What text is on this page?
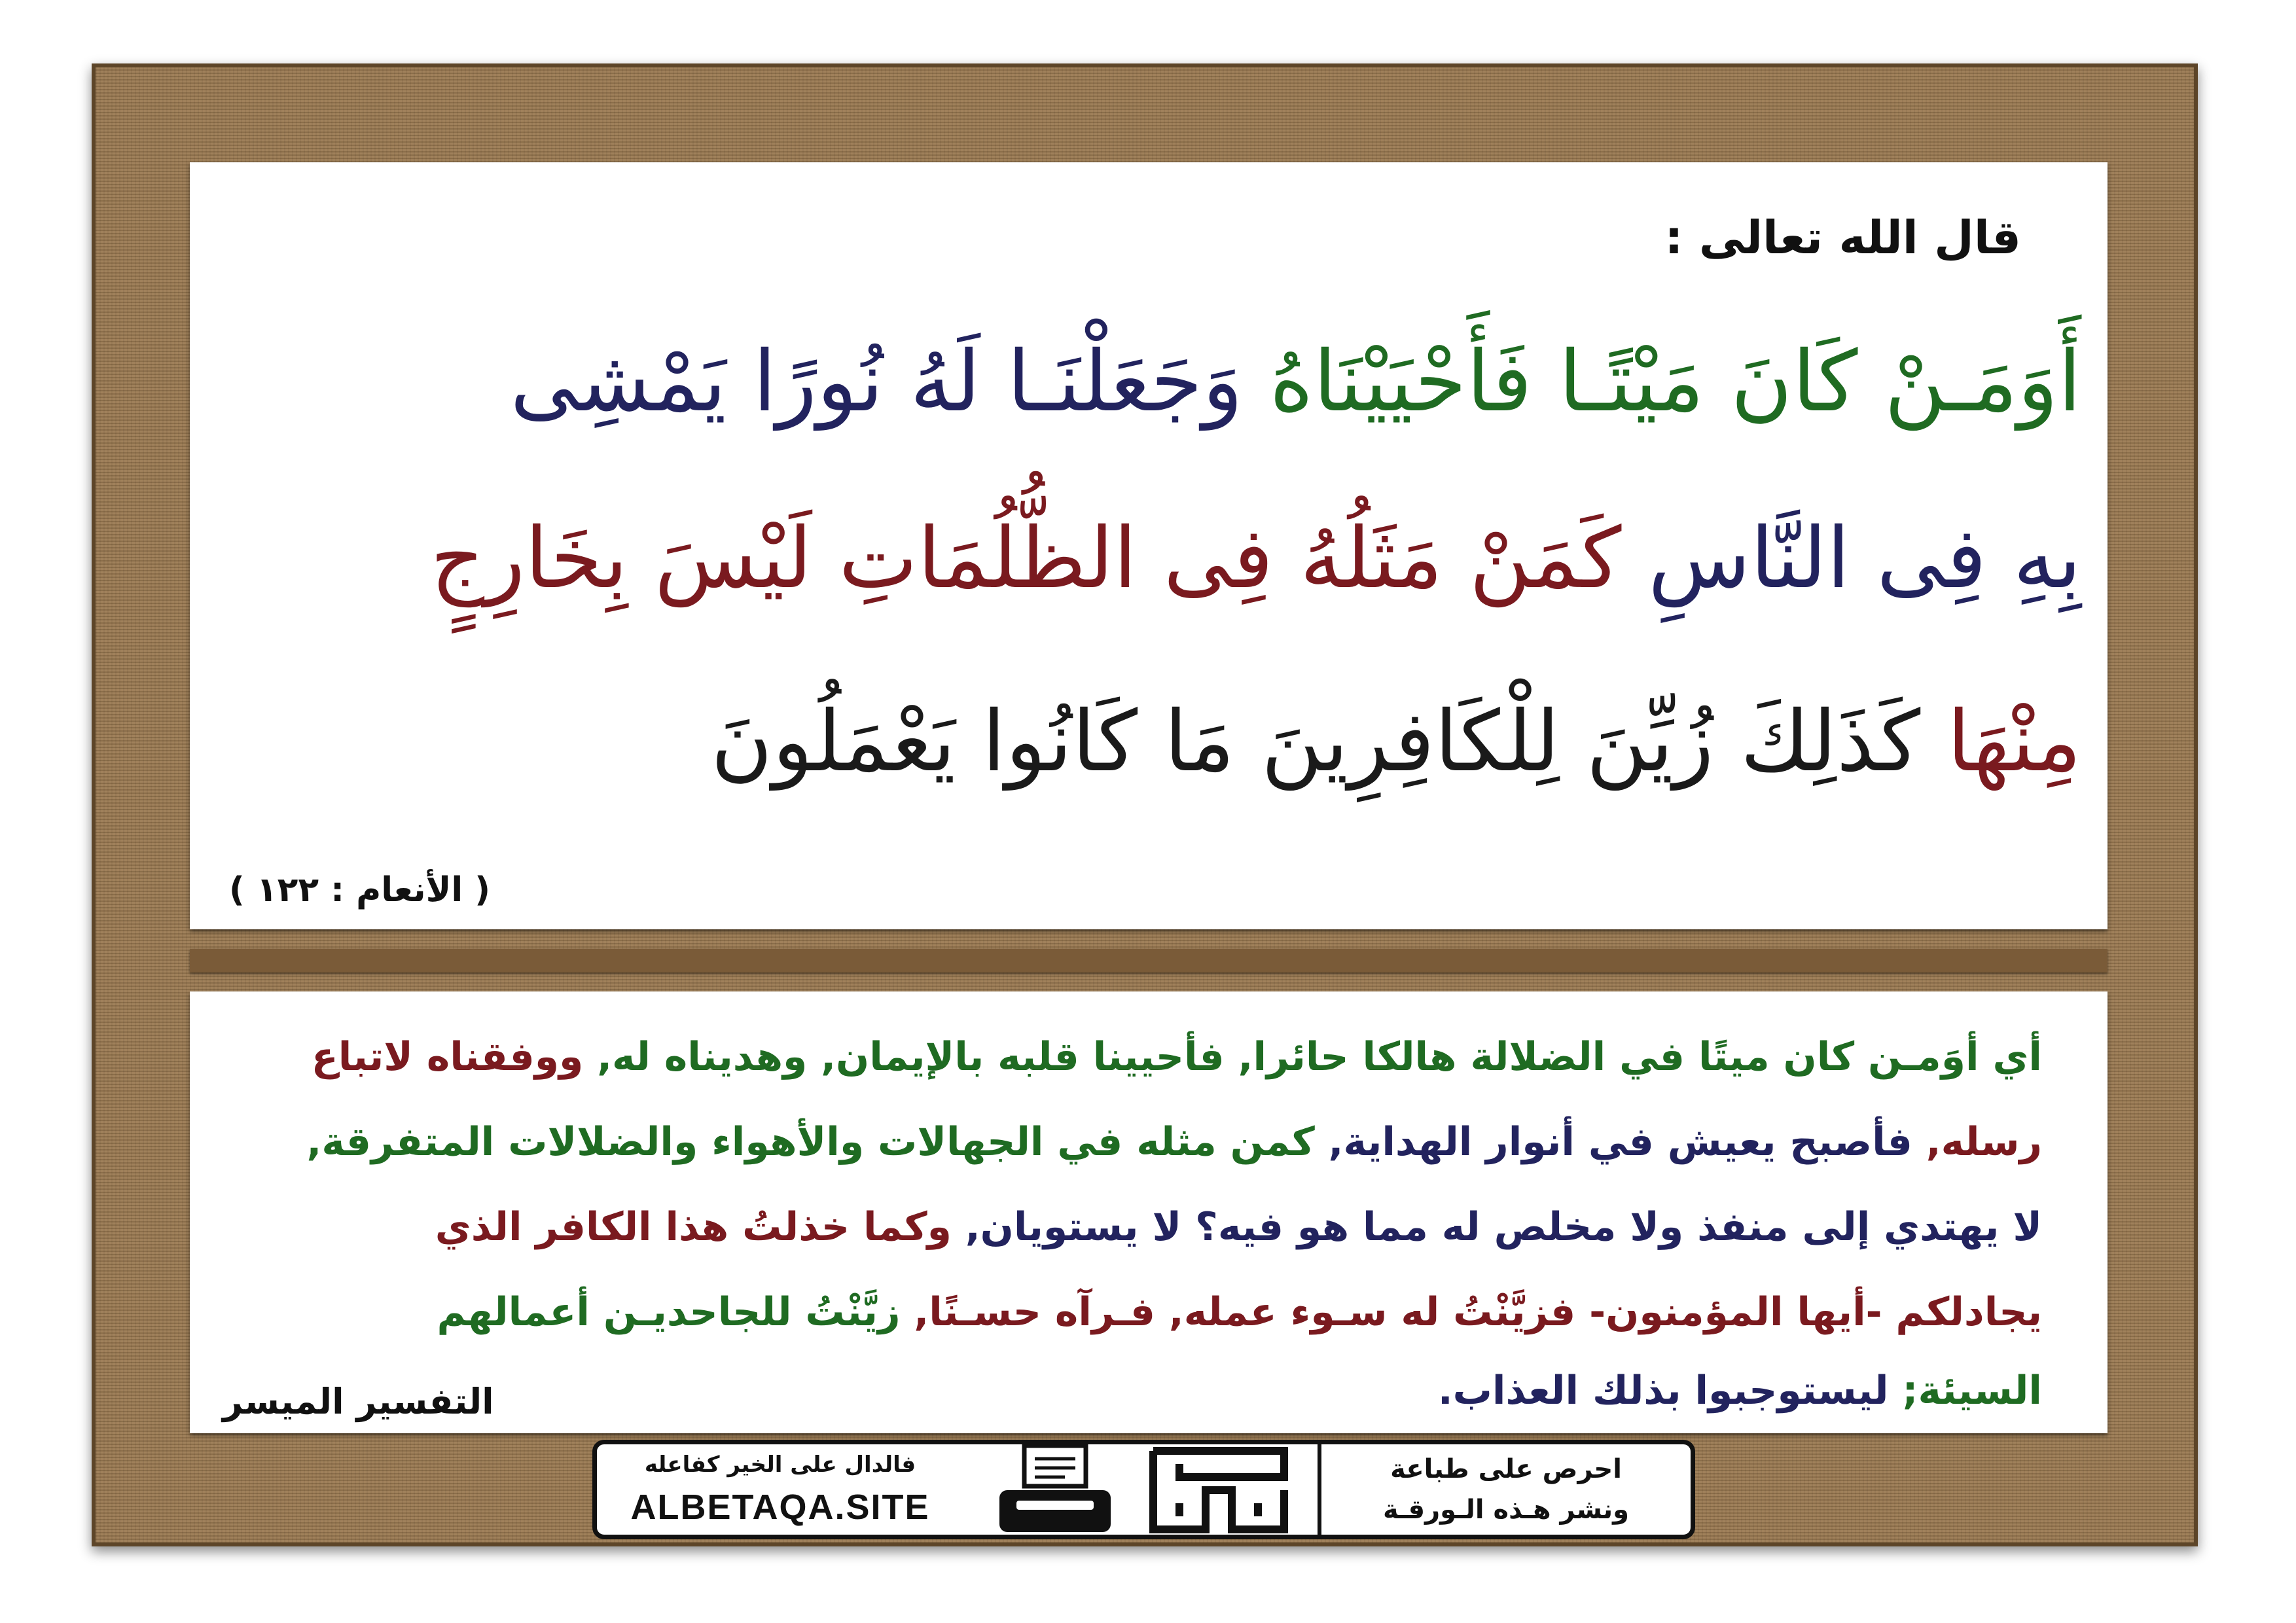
قال الله تعالى :
أَوَمَـنْ كَانَ مَيْتًـا فَأَحْيَيْنَاهُ وَجَعَلْنَـا لَهُ نُورًا يَمْشِى
بِهِ فِى النَّاسِ كَمَنْ مَثَلُهُ فِى الظُّلُمَاتِ لَيْسَ بِخَارِجٍ
مِنْهَا كَذَلِكَ زُيِّنَ لِلْكَافِرِينَ مَا كَانُوا يَعْمَلُونَ
( الأنعام : ١٢٢ )
أي أوَمـن كان ميتًا في الضلالة هالكا حائرا, فأحيينا قلبه بالإيمان, وهديناه له, ووفقناه لاتباع
رسله, فأصبح يعيش في أنوار الهداية, كمن مثله في الجهالات والأهواء والضلالات المتفرقة,
لا يهتدي إلى منفذ ولا مخلص له مما هو فيه؟ لا يستويان, وكما خذلتُ هذا الكافر الذي
يجادلكم -أيها المؤمنون- فزيَّنْتُ له سـوء عمله, فـرآه حسـنًا, زيَّنْتُ للجاحديـن أعمالهم
السيئة; ليستوجبوا بذلك العذاب.
التفسير الميسر
فالدال على الخير كفاعله
ALBETAQA.SITE
احرص على طباعة
ونشر هـذه الـورقـة
